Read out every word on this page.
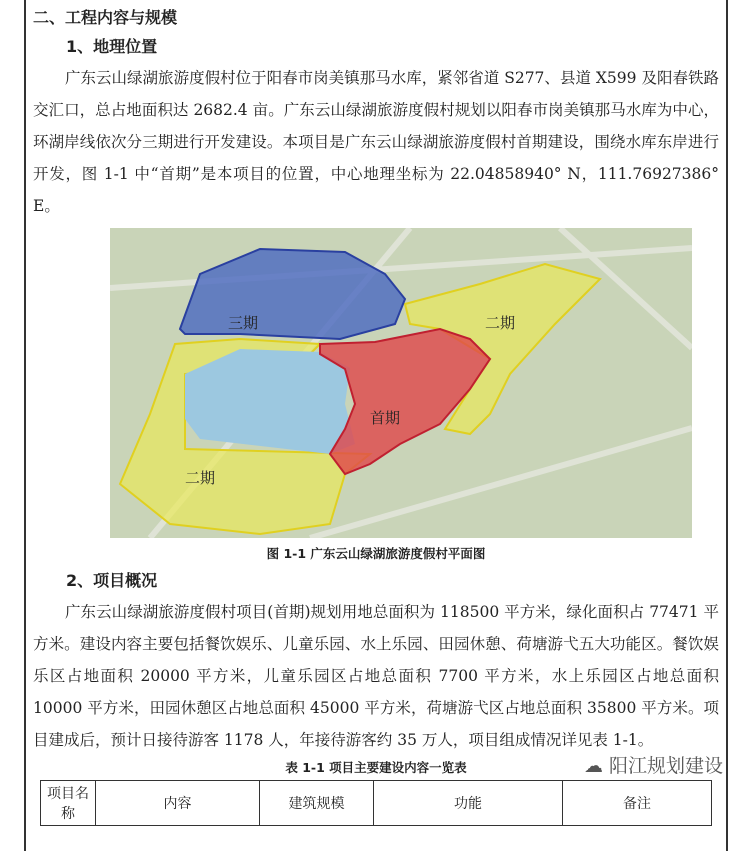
二、工程内容与规模
1、地理位置
广东云山绿湖旅游度假村位于阳春市岗美镇那马水库，紧邻省道 S277、县道 X599 及阳春铁路交汇口，总占地面积达 2682.4 亩。广东云山绿湖旅游度假村规划以阳春市岗美镇那马水库为中心，环湖岸线依次分三期进行开发建设。本项目是广东云山绿湖旅游度假村首期建设，围绕水库东岸进行开发，图 1-1 中“首期”是本项目的位置，中心地理坐标为 22.04858940° N，111.76927386° E。
三期	二期
首期
二期
图 1-1 广东云山绿湖旅游度假村平面图
2、项目概况
广东云山绿湖旅游度假村项目(首期)规划用地总面积为 118500 平方米，绿化面积占 77471 平方米。建设内容主要包括餐饮娱乐、儿童乐园、水上乐园、田园休憩、荷塘游弋五大功能区。餐饮娱乐区占地面积 20000 平方米，儿童乐园区占地总面积 7700 平方米，水上乐园区占地总面积 10000 平方米，田园休憩区占地总面积 45000 平方米，荷塘游弋区占地总面积 35800 平方米。项目建成后，预计日接待游客 1178 人，年接待游客约 35 万人，项目组成情况详见表 1-1。
表 1-1 项目主要建设内容一览表	☁ 阳江规划建设
项目名称	内容	建筑规模	功能	备注
